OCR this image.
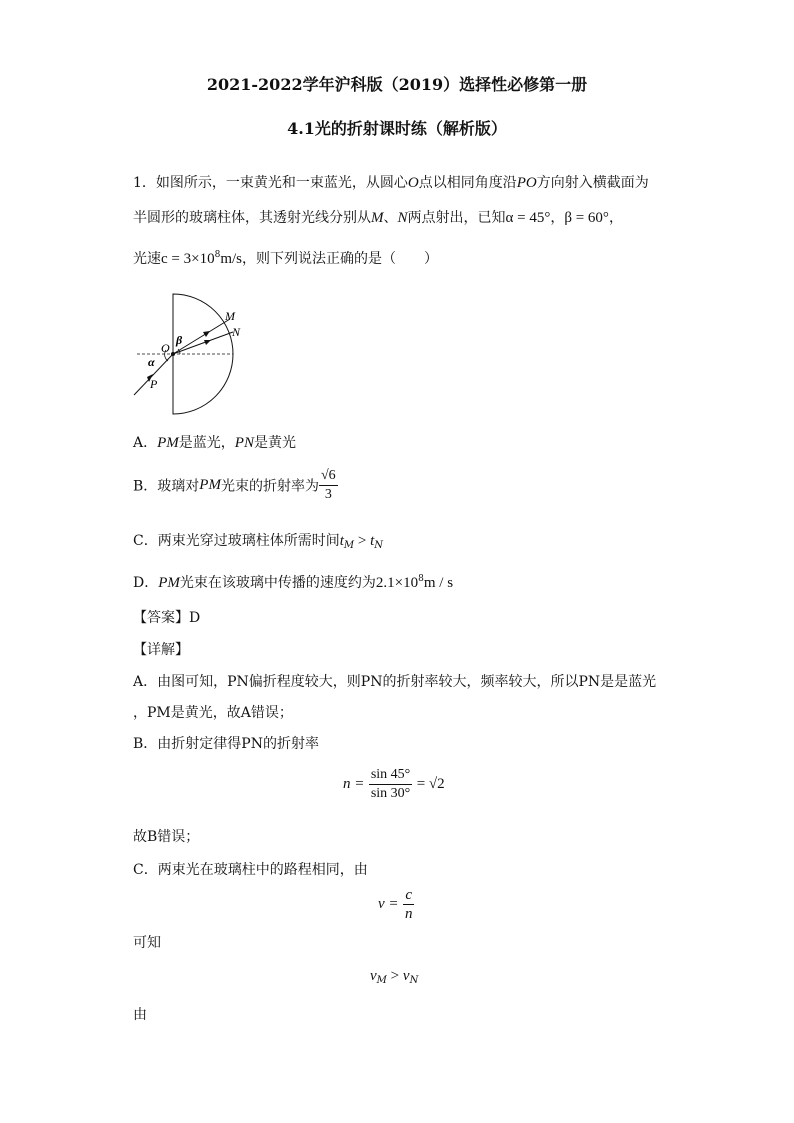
2021-2022学年沪科版（2019）选择性必修第一册
4.1光的折射课时练（解析版）
1．如图所示，一束黄光和一束蓝光，从圆心O点以相同角度沿PO方向射入横截面为
半圆形的玻璃柱体，其透射光线分别从M、N两点射出，已知α = 45°，β = 60°，
光速$c = 3\times 10^8m/s$，则下列说法正确的是（　　）
M
N
O
P
α
β
A．PM是蓝光，PN是黄光
B．玻璃对PM光束的折射率为 $\frac{√6}{3}$
C．两束光穿过玻璃柱体所需时间$t_M > t_N$
D．PM光束在该玻璃中传播的速度约为$2.1\times 10^8m / s$
【答案】D
【详解】
A．由图可知，PN偏折程度较大，则PN的折射率较大，频率较大，所以PN是是蓝光
，PM是黄光，故A错误；
B．由折射定律得PN的折射率
$n = \frac{\sin 45^\circ}{\sin 30^\circ} = √2$
故B错误；
C．两束光在玻璃柱中的路程相同，由
$v = \frac{c}{n}$
可知
$v_M > v_N$
由
